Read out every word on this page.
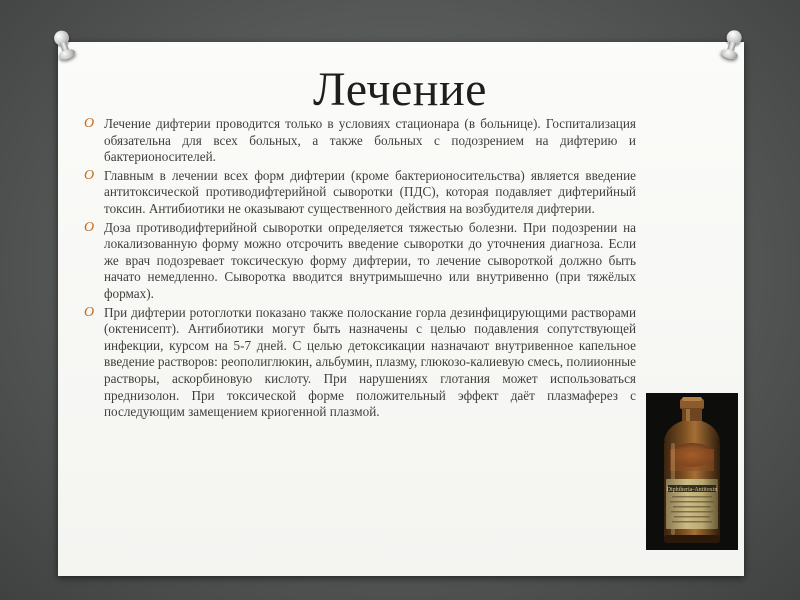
Лечение
O Лечение дифтерии проводится только в условиях стационара (в больнице). Госпитализация обязательна для всех больных, а также больных с подозрением на дифтерию и бактерионосителей.
O Главным в лечении всех форм дифтерии (кроме бактерионосительства) является введение антитоксической противодифтерийной сыворотки (ПДС), которая подавляет дифтерийный токсин. Антибиотики не оказывают существенного действия на возбудителя дифтерии.
O Доза противодифтерийной сыворотки определяется тяжестью болезни. При подозрении на локализованную форму можно отсрочить введение сыворотки до уточнения диагноза. Если же врач подозревает токсическую форму дифтерии, то лечение сывороткой должно быть начато немедленно. Сыворотка вводится внутримышечно или внутривенно (при тяжёлых формах).
O При дифтерии ротоглотки показано также полоскание горла дезинфицирующими растворами (октенисепт). Антибиотики могут быть назначены с целью подавления сопутствующей инфекции, курсом на 5-7 дней. С целью детоксикации назначают внутривенное капельное введение растворов: реополиглюкин, альбумин, плазму, глюкозо-калиевую смесь, полиионные растворы, аскорбиновую кислоту. При нарушениях глотания может использоваться преднизолон. При токсической форме положительный эффект даёт плазмаферез с последующим замещением криогенной плазмой.
Diphtheria-Antitoxin
